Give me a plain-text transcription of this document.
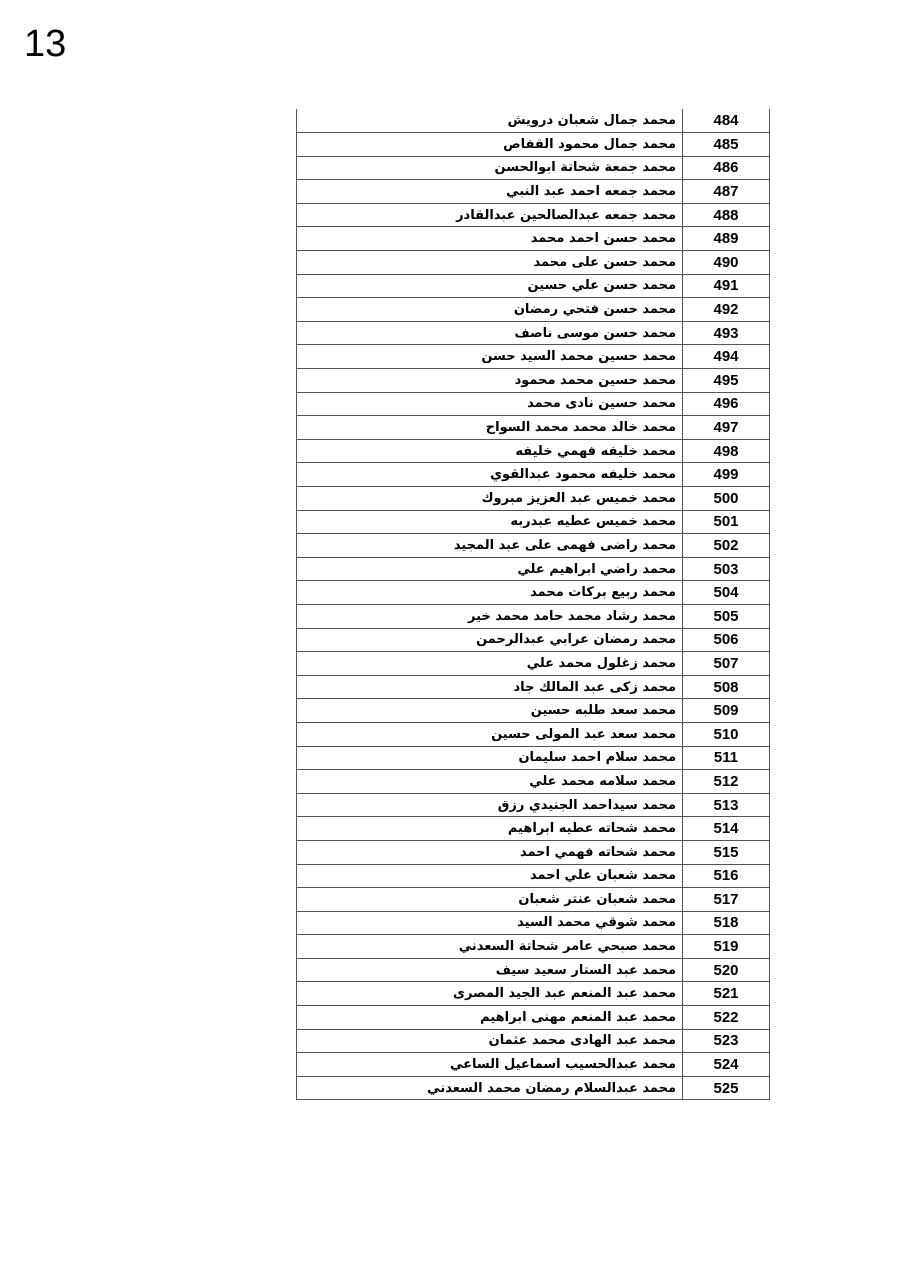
13
محمد جمال شعبان درويش	484
محمد جمال محمود القفاص	485
محمد جمعة شحاتة ابوالحسن	486
محمد جمعه احمد عبد النبي	487
محمد جمعه عبدالصالحين عبدالقادر	488
محمد حسن احمد محمد	489
محمد حسن على محمد	490
محمد حسن علي حسين	491
محمد حسن فتحي رمضان	492
محمد حسن موسى ناصف	493
محمد حسين محمد السيد حسن	494
محمد حسين محمد محمود	495
محمد حسين نادى محمد	496
محمد خالد محمد محمد السواح	497
محمد خليفه فهمي خليفه	498
محمد خليفه محمود عبدالقوي	499
محمد خميس عبد العزيز مبروك	500
محمد خميس عطيه عبدربه	501
محمد راضى فهمى على عبد المجيد	502
محمد راضي ابراهيم علي	503
محمد ربيع بركات محمد	504
محمد رشاد محمد حامد محمد خير	505
محمد رمضان عرابي عبدالرحمن	506
محمد زغلول محمد علي	507
محمد زكى عبد المالك جاد	508
محمد سعد طلبه حسين	509
محمد سعد عبد المولى حسين	510
محمد سلام احمد سليمان	511
محمد سلامه محمد علي	512
محمد سيداحمد الجنيدي رزق	513
محمد شحاته عطيه ابراهيم	514
محمد شحاته فهمي احمد	515
محمد شعبان علي احمد	516
محمد شعبان عنتر شعبان	517
محمد شوقي محمد السيد	518
محمد صبحي عامر شحاتة السعدني	519
محمد عبد الستار سعيد سيف	520
محمد عبد المنعم عبد الجيد المصرى	521
محمد عبد المنعم مهنى ابراهيم	522
محمد عبد الهادى محمد عثمان	523
محمد عبدالحسيب اسماعيل الساعي	524
محمد عبدالسلام رمضان محمد السعدني	525
